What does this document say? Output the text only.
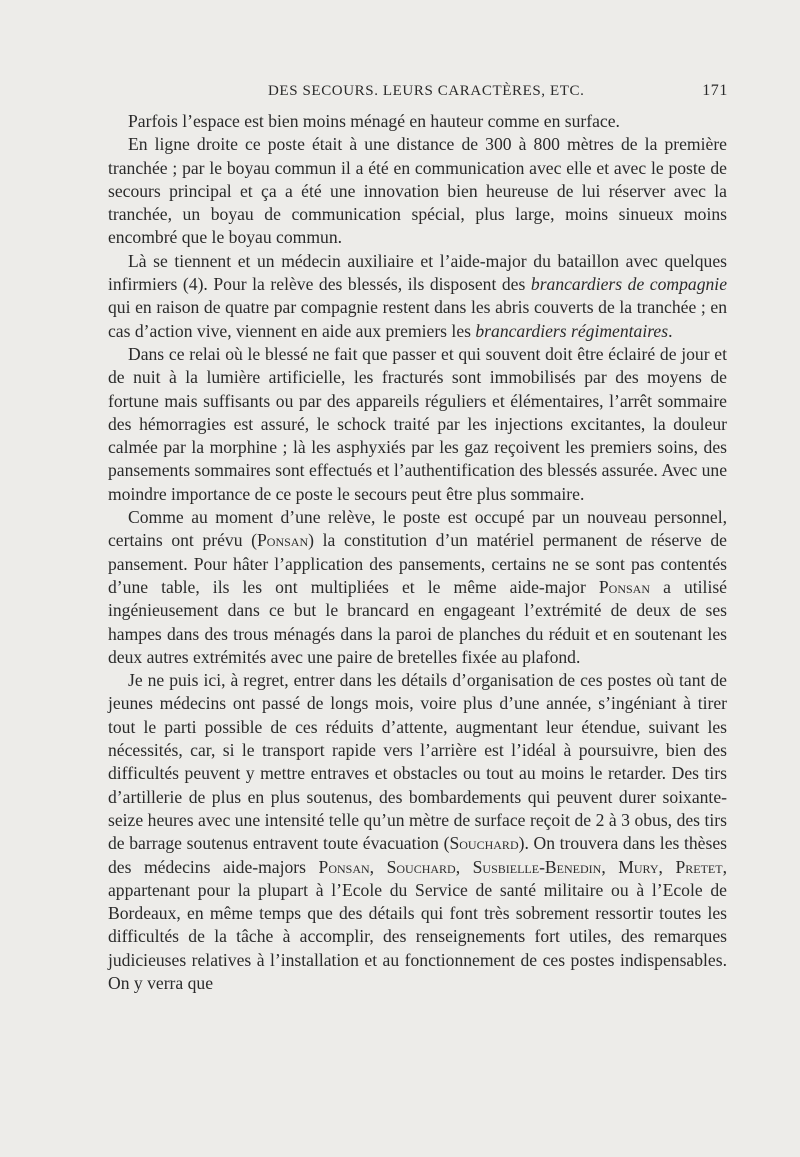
DES SECOURS. LEURS CARACTÈRES, ETC.	171

Parfois l’espace est bien moins ménagé en hauteur comme en surface.

En ligne droite ce poste était à une distance de 300 à 800 mètres de la première tranchée ; par le boyau commun il a été en communication avec elle et avec le poste de secours principal et ça a été une innovation bien heureuse de lui réserver avec la tranchée, un boyau de communication spécial, plus large, moins sinueux moins encombré que le boyau commun.

Là se tiennent et un médecin auxiliaire et l’aide-major du bataillon avec quelques infirmiers (4). Pour la relève des blessés, ils disposent des brancardiers de compagnie qui en raison de quatre par compagnie restent dans les abris couverts de la tranchée ; en cas d’action vive, viennent en aide aux premiers les brancardiers régimentaires.

Dans ce relai où le blessé ne fait que passer et qui souvent doit être éclairé de jour et de nuit à la lumière artificielle, les fracturés sont immobilisés par des moyens de fortune mais suffisants ou par des appareils réguliers et élémentaires, l’arrêt sommaire des hémorragies est assuré, le schock traité par les injections excitantes, la douleur calmée par la morphine ; là les asphyxiés par les gaz reçoivent les premiers soins, des pansements sommaires sont effectués et l’authentification des blessés assurée. Avec une moindre importance de ce poste le secours peut être plus sommaire.

Comme au moment d’une relève, le poste est occupé par un nouveau personnel, certains ont prévu (Ponsan) la constitution d’un matériel permanent de réserve de pansement. Pour hâter l’application des pansements, certains ne se sont pas contentés d’une table, ils les ont multipliées et le même aide-major Ponsan a utilisé ingénieusement dans ce but le brancard en engageant l’extrémité de deux de ses hampes dans des trous ménagés dans la paroi de planches du réduit et en soutenant les deux autres extrémités avec une paire de bretelles fixée au plafond.

Je ne puis ici, à regret, entrer dans les détails d’organisation de ces postes où tant de jeunes médecins ont passé de longs mois, voire plus d’une année, s’ingéniant à tirer tout le parti possible de ces réduits d’attente, augmentant leur étendue, suivant les nécessités, car, si le transport rapide vers l’arrière est l’idéal à poursuivre, bien des difficultés peuvent y mettre entraves et obstacles ou tout au moins le retarder. Des tirs d’artillerie de plus en plus soutenus, des bombardements qui peuvent durer soixante-seize heures avec une intensité telle qu’un mètre de surface reçoit de 2 à 3 obus, des tirs de barrage soutenus entravent toute évacuation (Souchard). On trouvera dans les thèses des médecins aide-majors Ponsan, Souchard, Susbielle-Benedin, Mury, Pretet, appartenant pour la plupart à l’Ecole du Service de santé militaire ou à l’Ecole de Bordeaux, en même temps que des détails qui font très sobrement ressortir toutes les difficultés de la tâche à accomplir, des renseignements fort utiles, des remarques judicieuses relatives à l’installation et au fonctionnement de ces postes indispensables. On y verra que
